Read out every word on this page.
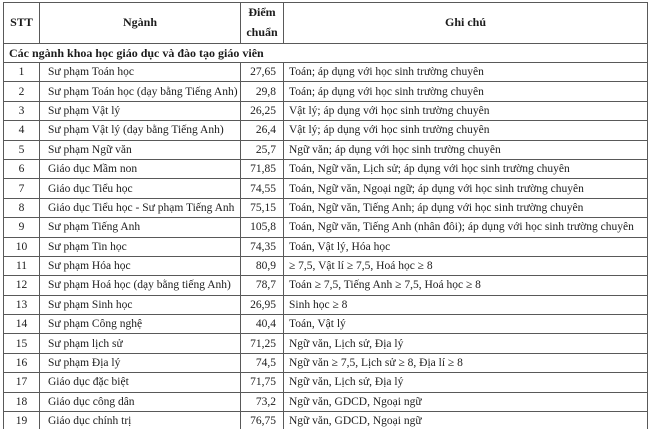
STT	Ngành	Điểm chuẩn	Ghi chú
Các ngành khoa học giáo dục và đào tạo giáo viên			
1	Sư phạm Toán học	27,65	Toán; áp dụng với học sinh trường chuyên
2	Sư phạm Toán học (dạy bằng Tiếng Anh)	29,8	Toán; áp dụng với học sinh trường chuyên
3	Sư phạm Vật lý	26,25	Vật lý; áp dụng với học sinh trường chuyên
4	Sư phạm Vật lý (dạy bằng Tiếng Anh)	26,4	Vật lý; áp dụng với học sinh trường chuyên
5	Sư phạm Ngữ văn	25,7	Ngữ văn; áp dụng với học sinh trường chuyên
6	Giáo dục Mầm non	71,85	Toán, Ngữ văn, Lịch sử; áp dụng với học sinh trường chuyên
7	Giáo dục Tiểu học	74,55	Toán, Ngữ văn, Ngoại ngữ; áp dụng với học sinh trường chuyên
8	Giáo dục Tiểu học - Sư phạm Tiếng Anh	75,15	Toán, Ngữ văn, Tiếng Anh; áp dụng với học sinh trường chuyên
9	Sư phạm Tiếng Anh	105,8	Toán, Ngữ văn, Tiếng Anh (nhân đôi); áp dụng với học sinh trường chuyên
10	Sư phạm Tin học	74,35	Toán, Vật lý, Hóa học
11	Sư phạm Hóa học	80,9	≥ 7,5, Vật lí ≥ 7,5, Hoá học ≥ 8
12	Sư phạm Hoá học (dạy bằng tiếng Anh)	78,7	Toán ≥ 7,5, Tiếng Anh ≥ 7,5, Hoá học ≥ 8
13	Sư phạm Sinh học	26,95	Sinh học ≥ 8
14	Sư phạm Công nghệ	40,4	Toán, Vật lý
15	Sư phạm lịch sử	71,25	Ngữ văn, Lịch sử, Địa lý
16	Sư phạm Địa lý	74,5	Ngữ văn ≥ 7,5, Lịch sử ≥ 8, Địa lí ≥ 8
17	Giáo dục đặc biệt	71,75	Ngữ văn, Lịch sử, Địa lý
18	Giáo dục công dân	73,2	Ngữ văn, GDCD, Ngoại ngữ
19	Giáo dục chính trị	76,75	Ngữ văn, GDCD, Ngoại ngữ
